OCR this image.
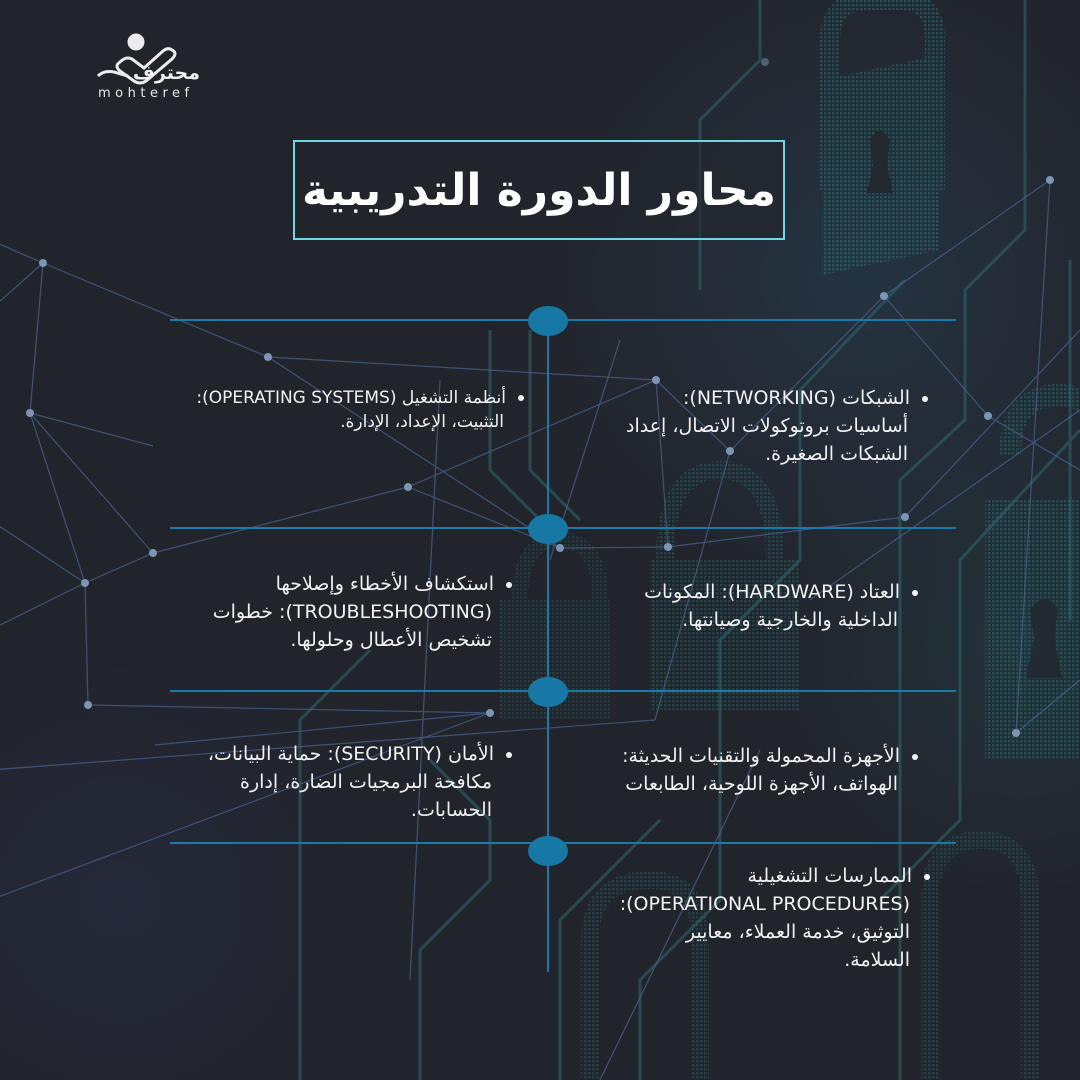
محترف
mohteref
محاور الدورة التدريبية
الشبكات (NETWORKING):
أساسيات بروتوكولات الاتصال، إعداد
الشبكات الصغيرة.
العتاد (HARDWARE): المكونات
الداخلية والخارجية وصيانتها.
الأجهزة المحمولة والتقنيات الحديثة:
الهواتف، الأجهزة اللوحية، الطابعات
الممارسات التشغيلية
(OPERATIONAL PROCEDURES):
التوثيق، خدمة العملاء، معايير
السلامة.
أنظمة التشغيل (OPERATING SYSTEMS):
التثبيت، الإعداد، الإدارة.
استكشاف الأخطاء وإصلاحها
(TROUBLESHOOTING): خطوات
تشخيص الأعطال وحلولها.
الأمان (SECURITY): حماية البيانات،
مكافحة البرمجيات الضارة، إدارة
الحسابات.
